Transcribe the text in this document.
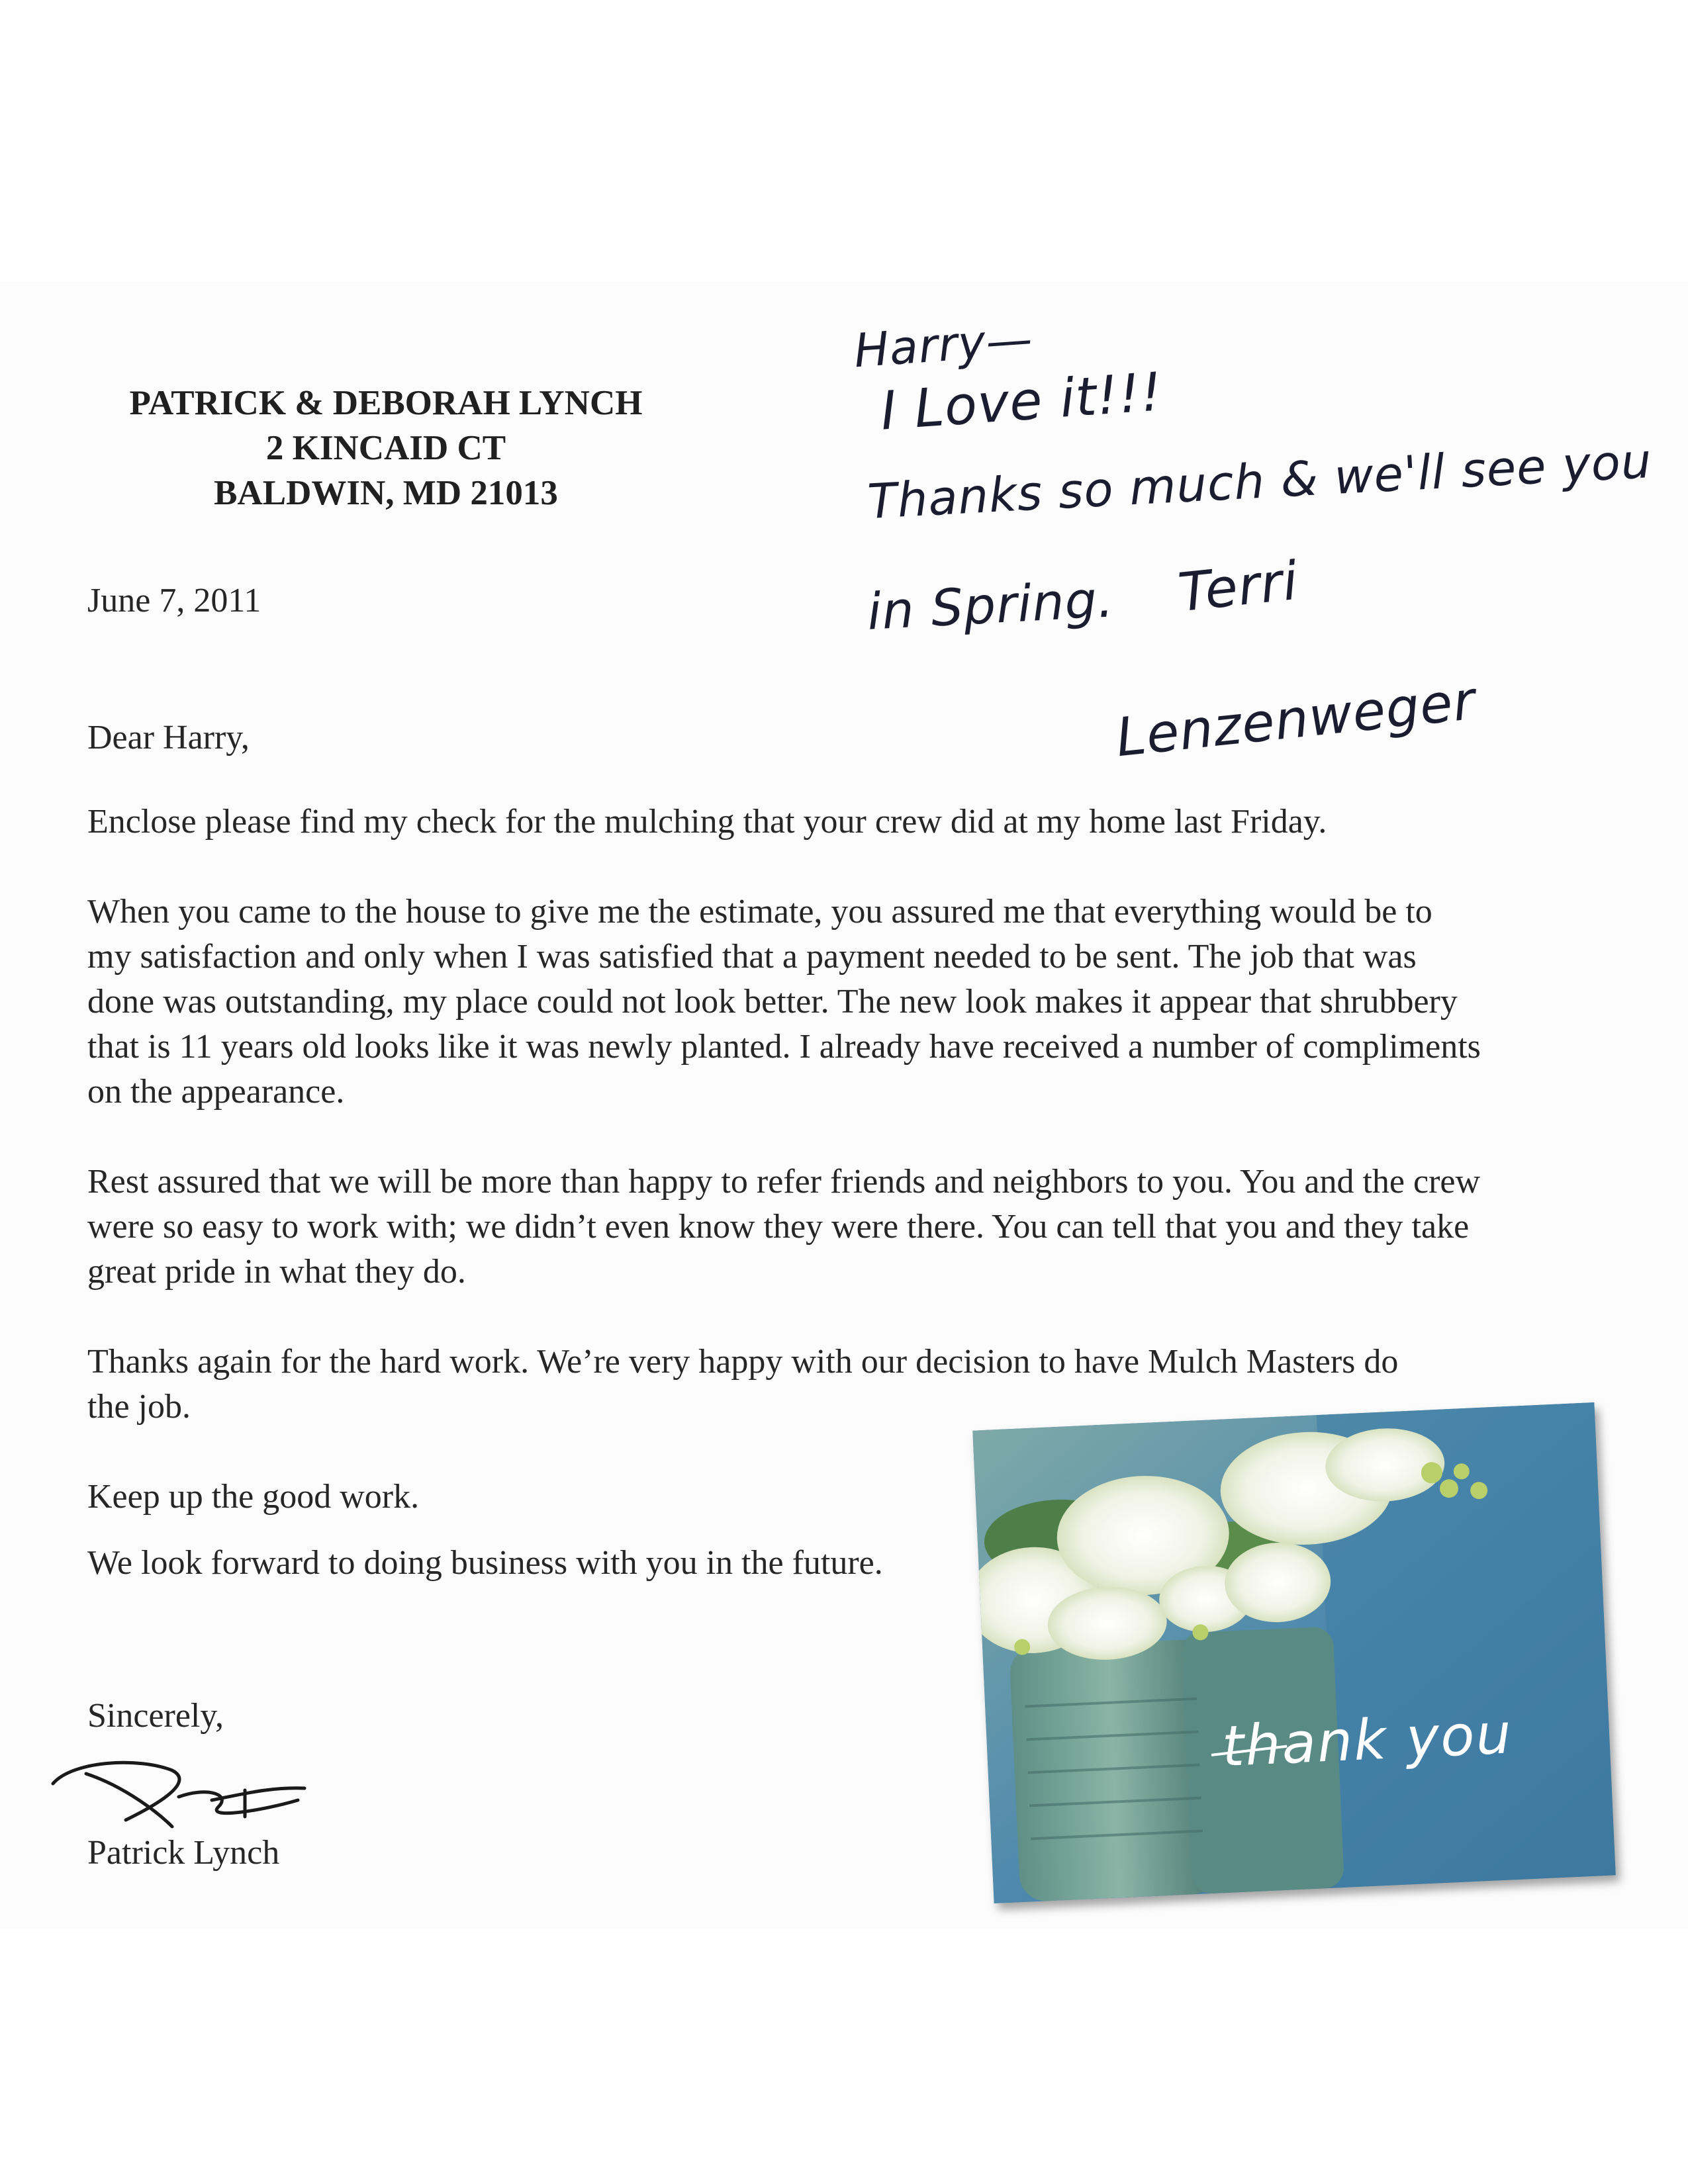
PATRICK & DEBORAH LYNCH
2 KINCAID CT
BALDWIN, MD 21013
Harry—
I Love it!!!
Thanks so much & we'll see you
in Spring. Terri
Lenzenweger
June 7, 2011
Dear Harry,

Enclose please find my check for the mulching that your crew did at my home last Friday.

When you came to the house to give me the estimate, you assured me that everything would be to my satisfaction and only when I was satisfied that a payment needed to be sent. The job that was done was outstanding, my place could not look better. The new look makes it appear that shrubbery that is 11 years old looks like it was newly planted. I already have received a number of compliments on the appearance.

Rest assured that we will be more than happy to refer friends and neighbors to you. You and the crew were so easy to work with; we didn’t even know they were there. You can tell that you and they take great pride in what they do.

Thanks again for the hard work. We’re very happy with our decision to have Mulch Masters do the job.

Keep up the good work.

We look forward to doing business with you in the future.

Sincerely,
Patrick Lynch
thank you
